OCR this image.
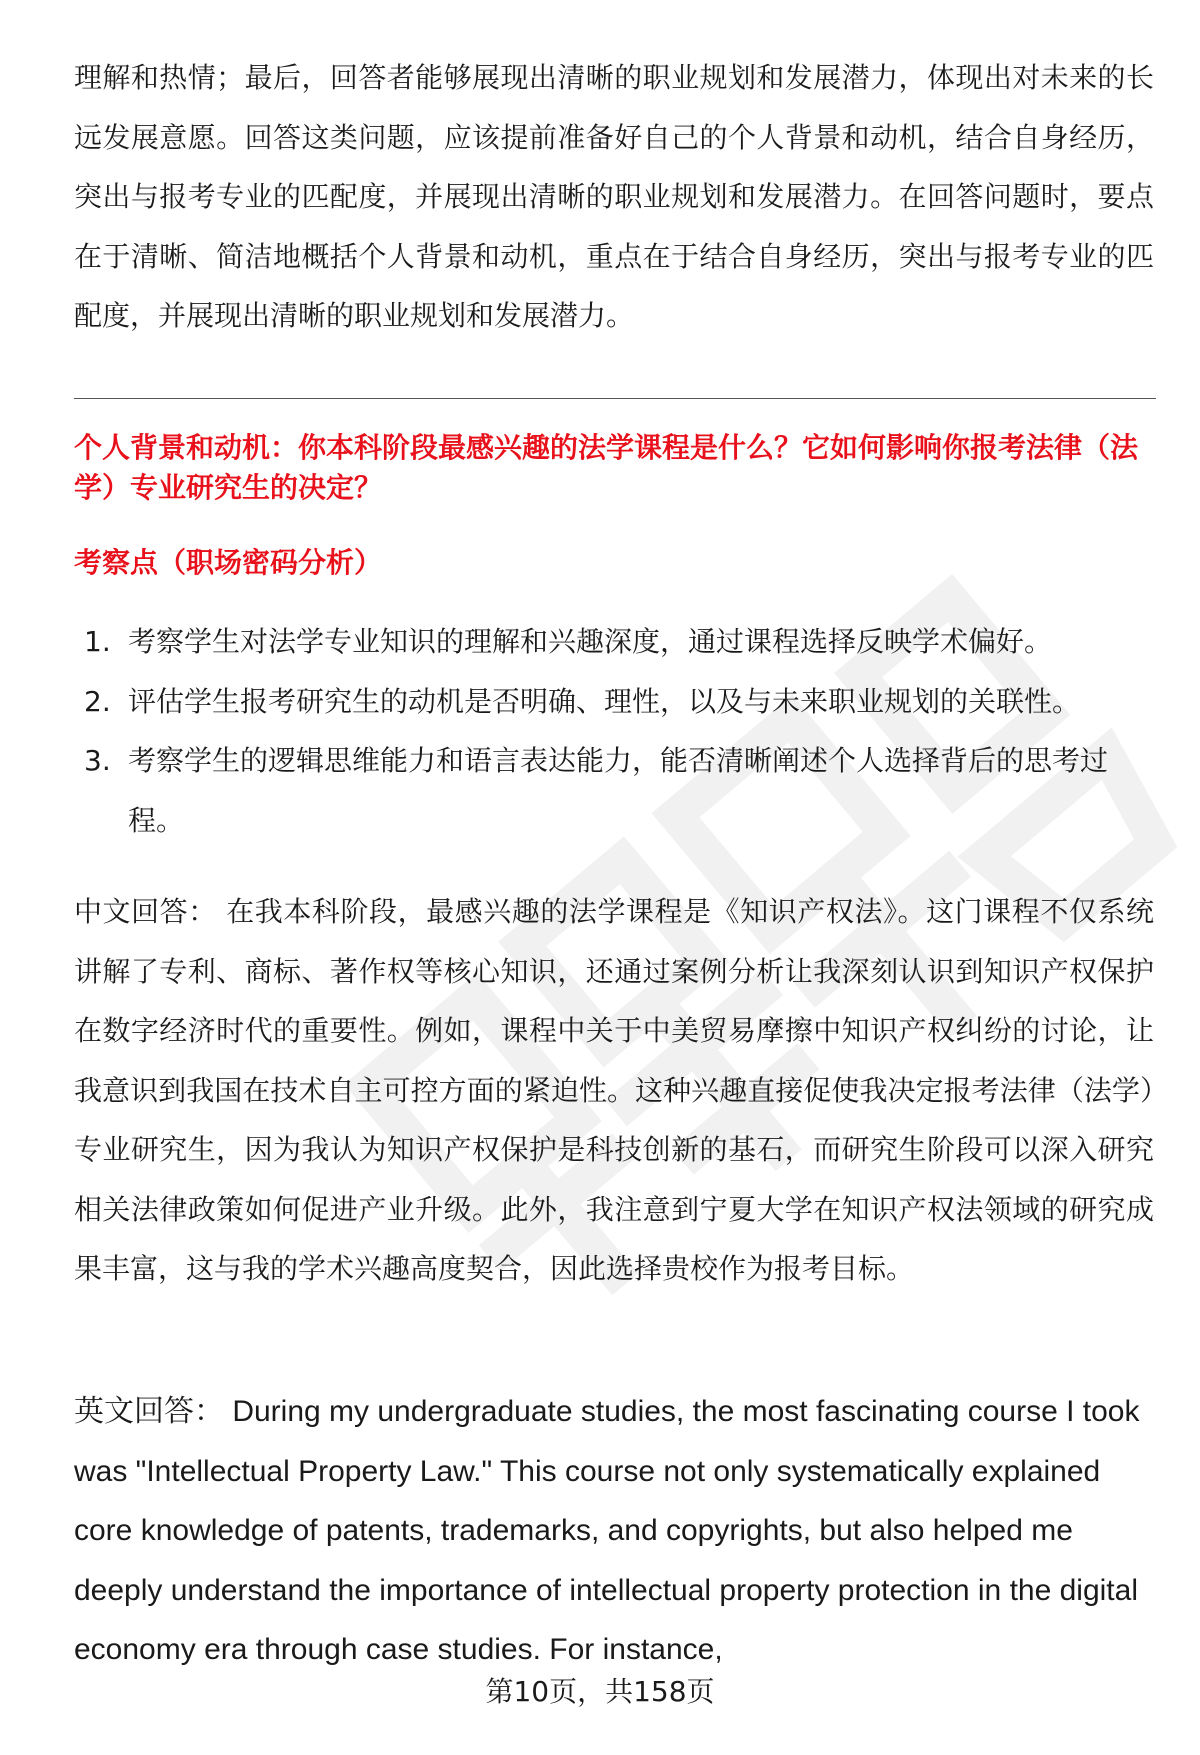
理解和热情；最后，回答者能够展现出清晰的职业规划和发展潜力，体现出对未来的长远发展意愿。回答这类问题，应该提前准备好自己的个人背景和动机，结合自身经历，突出与报考专业的匹配度，并展现出清晰的职业规划和发展潜力。在回答问题时，要点在于清晰、简洁地概括个人背景和动机，重点在于结合自身经历，突出与报考专业的匹配度，并展现出清晰的职业规划和发展潜力。

个人背景和动机：你本科阶段最感兴趣的法学课程是什么？它如何影响你报考法律（法学）专业研究生的决定？
考察点（职场密码分析）
1. 考察学生对法学专业知识的理解和兴趣深度，通过课程选择反映学术偏好。
2. 评估学生报考研究生的动机是否明确、理性，以及与未来职业规划的关联性。
3. 考察学生的逻辑思维能力和语言表达能力，能否清晰阐述个人选择背后的思考过程。

中文回答： 在我本科阶段，最感兴趣的法学课程是《知识产权法》。这门课程不仅系统讲解了专利、商标、著作权等核心知识，还通过案例分析让我深刻认识到知识产权保护在数字经济时代的重要性。例如，课程中关于中美贸易摩擦中知识产权纠纷的讨论，让我意识到我国在技术自主可控方面的紧迫性。这种兴趣直接促使我决定报考法律（法学）专业研究生，因为我认为知识产权保护是科技创新的基石，而研究生阶段可以深入研究相关法律政策如何促进产业升级。此外，我注意到宁夏大学在知识产权法领域的研究成果丰富，这与我的学术兴趣高度契合，因此选择贵校作为报考目标。

英文回答： During my undergraduate studies, the most fascinating course I took was "Intellectual Property Law." This course not only systematically explained core knowledge of patents, trademarks, and copyrights, but also helped me deeply understand the importance of intellectual property protection in the digital economy era through case studies. For instance,

第10页，共158页
